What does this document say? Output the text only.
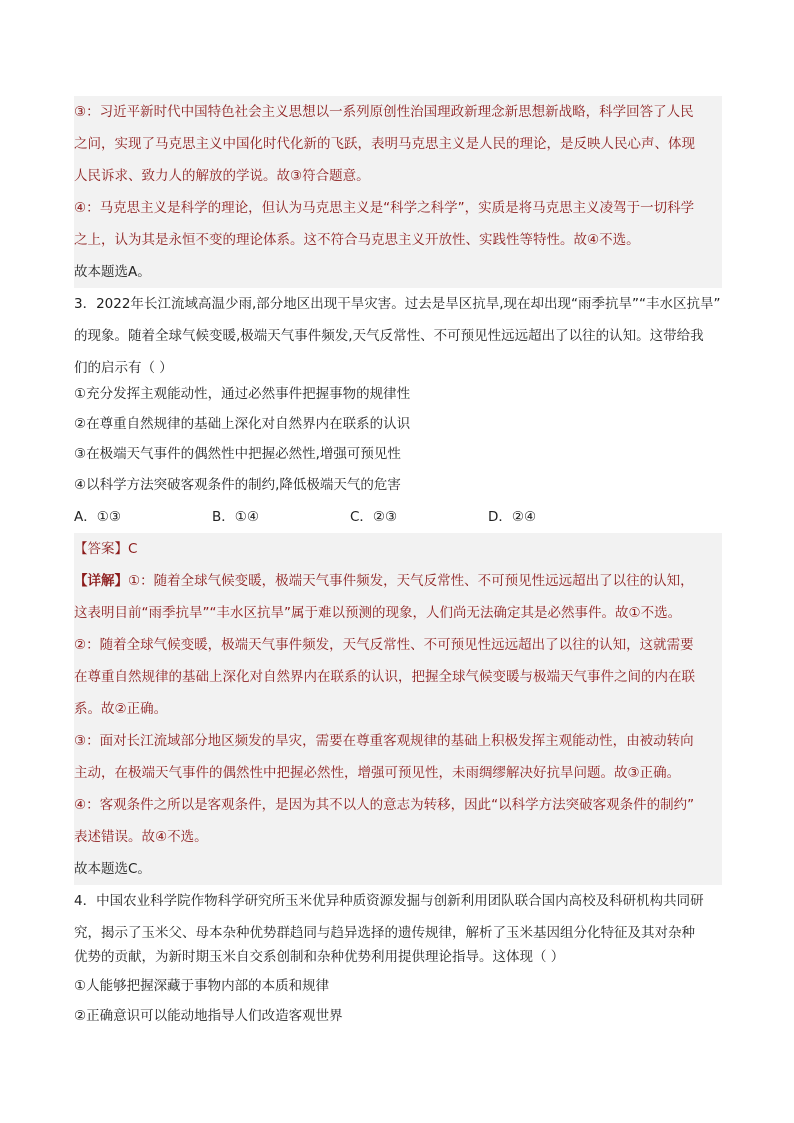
③：习近平新时代中国特色社会主义思想以一系列原创性治国理政新理念新思想新战略，科学回答了人民
之问，实现了马克思主义中国化时代化新的飞跃，表明马克思主义是人民的理论，是反映人民心声、体现
人民诉求、致力人的解放的学说。故③符合题意。
④：马克思主义是科学的理论，但认为马克思主义是“科学之科学”，实质是将马克思主义凌驾于一切科学
之上，认为其是永恒不变的理论体系。这不符合马克思主义开放性、实践性等特性。故④不选。
故本题选A。
3．2022年长江流域高温少雨,部分地区出现干旱灾害。过去是旱区抗旱,现在却出现“雨季抗旱”“丰水区抗旱”
的现象。随着全球气候变暖,极端天气事件频发,天气反常性、不可预见性远远超出了以往的认知。这带给我
们的启示有（ ）
①充分发挥主观能动性，通过必然事件把握事物的规律性
②在尊重自然规律的基础上深化对自然界内在联系的认识
③在极端天气事件的偶然性中把握必然性,增强可预见性
④以科学方法突破客观条件的制约,降低极端天气的危害
A．①③	B．①④	C．②③	D．②④
【答案】C
【详解】①：随着全球气候变暖，极端天气事件频发，天气反常性、不可预见性远远超出了以往的认知，
这表明目前“雨季抗旱”“丰水区抗旱”属于难以预测的现象，人们尚无法确定其是必然事件。故①不选。
②：随着全球气候变暖，极端天气事件频发，天气反常性、不可预见性远远超出了以往的认知，这就需要
在尊重自然规律的基础上深化对自然界内在联系的认识，把握全球气候变暖与极端天气事件之间的内在联
系。故②正确。
③：面对长江流域部分地区频发的旱灾，需要在尊重客观规律的基础上积极发挥主观能动性，由被动转向
主动，在极端天气事件的偶然性中把握必然性，增强可预见性，未雨绸缪解决好抗旱问题。故③正确。
④：客观条件之所以是客观条件，是因为其不以人的意志为转移，因此“以科学方法突破客观条件的制约”
表述错误。故④不选。
故本题选C。
4．中国农业科学院作物科学研究所玉米优异种质资源发掘与创新利用团队联合国内高校及科研机构共同研
究，揭示了玉米父、母本杂种优势群趋同与趋异选择的遗传规律，解析了玉米基因组分化特征及其对杂种
优势的贡献，为新时期玉米自交系创制和杂种优势利用提供理论指导。这体现（ ）
①人能够把握深藏于事物内部的本质和规律
②正确意识可以能动地指导人们改造客观世界
